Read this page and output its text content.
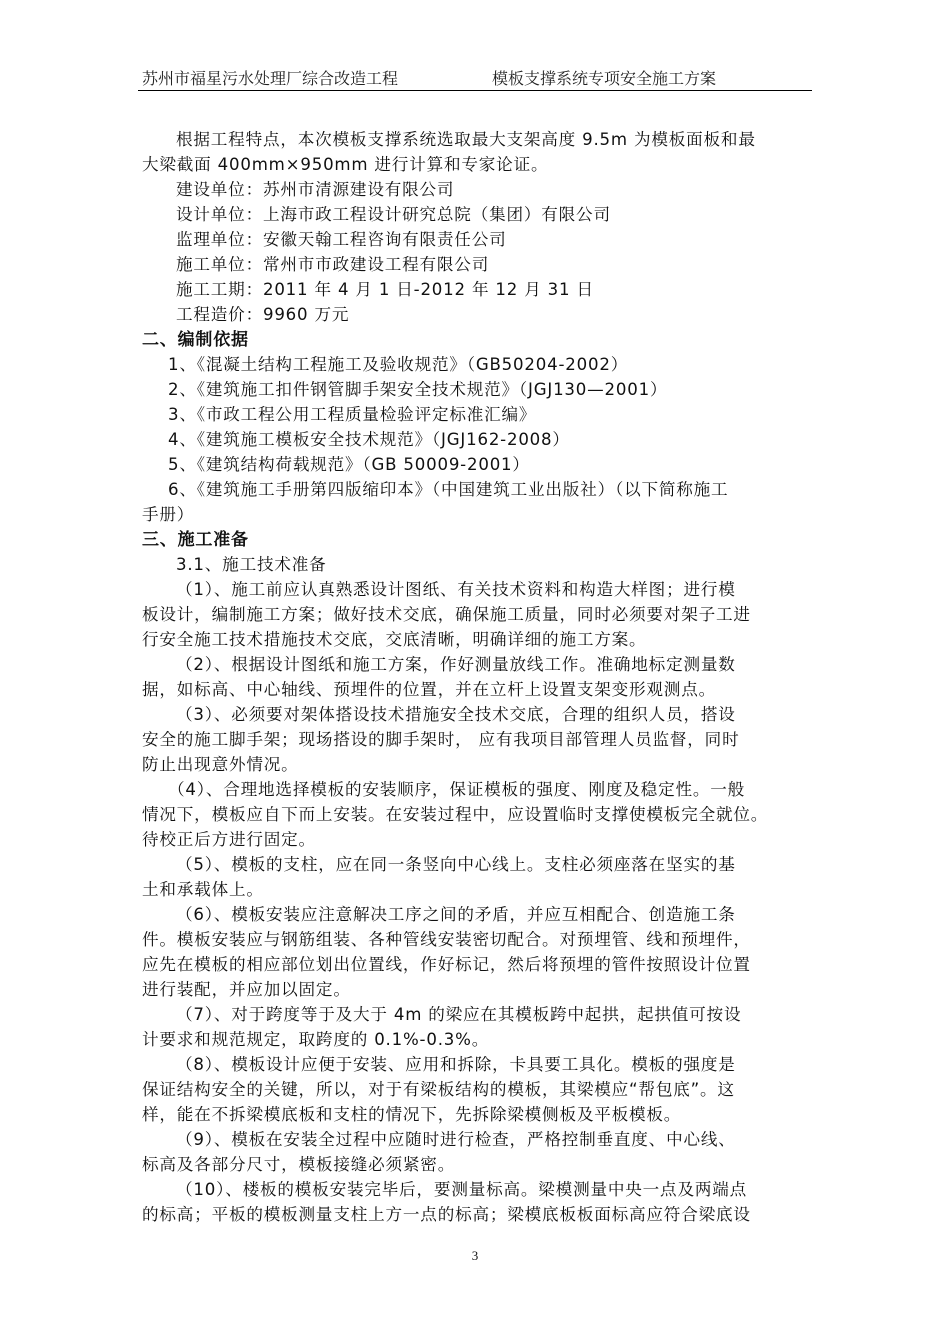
苏州市福星污水处理厂综合改造工程	模板支撑系统专项安全施工方案
根据工程特点，本次模板支撑系统选取最大支架高度 9.5m 为模板面板和最
大梁截面 400mm×950mm 进行计算和专家论证。
建设单位：苏州市清源建设有限公司
设计单位：上海市政工程设计研究总院（集团）有限公司
监理单位：安徽天翰工程咨询有限责任公司
施工单位：常州市市政建设工程有限公司
施工工期：2011 年 4 月 1 日-2012 年 12 月 31 日
工程造价：9960 万元
二、编制依据
1、《混凝土结构工程施工及验收规范》（GB50204-2002）
2、《建筑施工扣件钢管脚手架安全技术规范》（JGJ130—2001）
3、《市政工程公用工程质量检验评定标准汇编》
4、《建筑施工模板安全技术规范》（JGJ162-2008）
5、《建筑结构荷载规范》（GB 50009-2001）
6、《建筑施工手册第四版缩印本》（中国建筑工业出版社）（以下简称施工
手册）
三、施工准备
3.1、施工技术准备
（1）、施工前应认真熟悉设计图纸、有关技术资料和构造大样图；进行模
板设计，编制施工方案；做好技术交底，确保施工质量，同时必须要对架子工进
行安全施工技术措施技术交底，交底清晰，明确详细的施工方案。
（2）、根据设计图纸和施工方案，作好测量放线工作。准确地标定测量数
据，如标高、中心轴线、预埋件的位置，并在立杆上设置支架变形观测点。
（3）、必须要对架体搭设技术措施安全技术交底，合理的组织人员，搭设
安全的施工脚手架；现场搭设的脚手架时， 应有我项目部管理人员监督，同时
防止出现意外情况。
（4）、合理地选择模板的安装顺序，保证模板的强度、刚度及稳定性。一般
情况下，模板应自下而上安装。在安装过程中，应设置临时支撑使模板完全就位。
待校正后方进行固定。
（5）、模板的支柱，应在同一条竖向中心线上。支柱必须座落在坚实的基
土和承载体上。
（6）、模板安装应注意解决工序之间的矛盾，并应互相配合、创造施工条
件。模板安装应与钢筋组装、各种管线安装密切配合。对预埋管、线和预埋件，
应先在模板的相应部位划出位置线，作好标记，然后将预埋的管件按照设计位置
进行装配，并应加以固定。
（7）、对于跨度等于及大于 4m 的梁应在其模板跨中起拱，起拱值可按设
计要求和规范规定，取跨度的 0.1%-0.3%。
（8）、模板设计应便于安装、应用和拆除，卡具要工具化。模板的强度是
保证结构安全的关键，所以，对于有梁板结构的模板，其梁模应“帮包底”。这
样，能在不拆梁模底板和支柱的情况下，先拆除梁模侧板及平板模板。
（9）、模板在安装全过程中应随时进行检查，严格控制垂直度、中心线、
标高及各部分尺寸，模板接缝必须紧密。
（10）、楼板的模板安装完毕后，要测量标高。梁模测量中央一点及两端点
的标高；平板的模板测量支柱上方一点的标高；梁模底板板面标高应符合梁底设
3
